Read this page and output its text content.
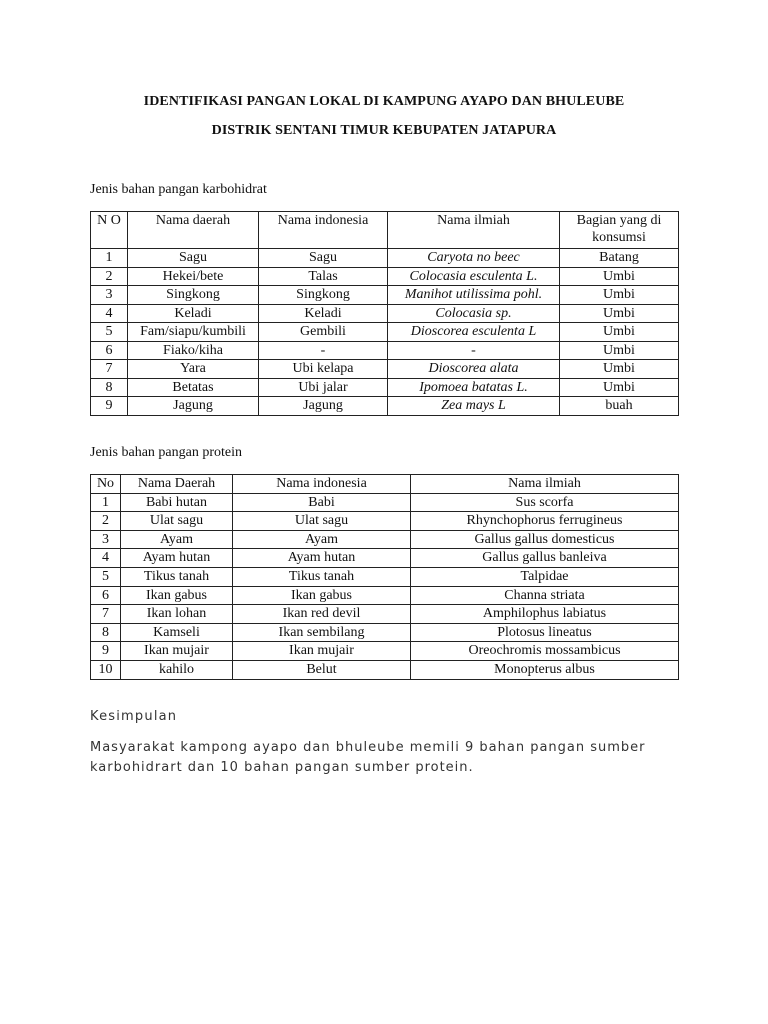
IDENTIFIKASI PANGAN LOKAL DI KAMPUNG AYAPO DAN BHULEUBE
DISTRIK SENTANI TIMUR KEBUPATEN JATAPURA
Jenis bahan pangan karbohidrat
N O	Nama daerah	Nama indonesia	Nama ilmiah	Bagian yang di konsumsi
1	Sagu	Sagu	Caryota no beec	Batang
2	Hekei/bete	Talas	Colocasia esculenta L.	Umbi
3	Singkong	Singkong	Manihot utilissima pohl.	Umbi
4	Keladi	Keladi	Colocasia sp.	Umbi
5	Fam/siapu/kumbili	Gembili	Dioscorea esculenta L	Umbi
6	Fiako/kiha	-	-	Umbi
7	Yara	Ubi kelapa	Dioscorea alata	Umbi
8	Betatas	Ubi jalar	Ipomoea batatas L.	Umbi
9	Jagung	Jagung	Zea mays L	buah
Jenis bahan pangan protein
No	Nama Daerah	Nama indonesia	Nama ilmiah
1	Babi hutan	Babi	Sus scorfa
2	Ulat sagu	Ulat sagu	Rhynchophorus ferrugineus
3	Ayam	Ayam	Gallus gallus domesticus
4	Ayam hutan	Ayam hutan	Gallus gallus banleiva
5	Tikus tanah	Tikus tanah	Talpidae
6	Ikan gabus	Ikan gabus	Channa striata
7	Ikan lohan	Ikan red devil	Amphilophus labiatus
8	Kamseli	Ikan sembilang	Plotosus lineatus
9	Ikan mujair	Ikan mujair	Oreochromis mossambicus
10	kahilo	Belut	Monopterus albus
Kesimpulan
Masyarakat kampong ayapo dan bhuleube memili 9 bahan pangan sumber karbohidrart dan 10 bahan pangan sumber protein.
